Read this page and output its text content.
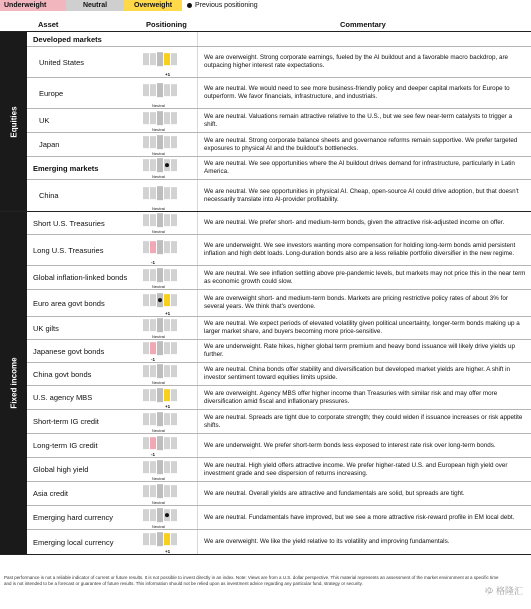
Underweight	Neutral	Overweight	Previous positioning
Asset	Positioning	Commentary
Equities
Developed markets
United States
+1
We are overweight. Strong corporate earnings, fueled by the AI buildout and a favorable macro backdrop, are outpacing higher interest rate expectations.
Europe
Neutral
We are neutral. We would need to see more business-friendly policy and deeper capital markets for Europe to outperform. We favor financials, infrastructure, and industrials.
UK
Neutral
We are neutral. Valuations remain attractive relative to the U.S., but we see few near-term catalysts to trigger a shift.
Japan
Neutral
We are neutral. Strong corporate balance sheets and governance reforms remain supportive. We prefer targeted exposures to physical AI and the buildout's bottlenecks.
Emerging markets
Neutral
We are neutral. We see opportunities where the AI buildout drives demand for infrastructure, particularly in Latin America.
China
Neutral
We are neutral. We see opportunities in physical AI. Cheap, open-source AI could drive adoption, but that doesn't necessarily translate into AI-provider profitability.
Fixed income
Short U.S. Treasuries
Neutral
We are neutral. We prefer short- and medium-term bonds, given the attractive risk-adjusted income on offer.
Long U.S. Treasuries
-1
We are underweight. We see investors wanting more compensation for holding long-term bonds amid persistent inflation and high debt loads. Long-duration bonds also are a less reliable portfolio diversifier in the new regime.
Global inflation-linked bonds
Neutral
We are neutral. We see inflation settling above pre-pandemic levels, but markets may not price this in the near term as economic growth could slow.
Euro area govt bonds
+1
We are overweight short- and medium-term bonds. Markets are pricing restrictive policy rates of about 3% for several years. We think that's overdone.
UK gilts
Neutral
We are neutral. We expect periods of elevated volatility given political uncertainty, longer-term bonds making up a larger market share, and buyers becoming more price-sensitive.
Japanese govt bonds
-1
We are underweight. Rate hikes, higher global term premium and heavy bond issuance will likely drive yields up further.
China govt bonds
Neutral
We are neutral. China bonds offer stability and diversification but developed market yields are higher. A shift in investor sentiment toward equities limits upside.
U.S. agency MBS
+1
We are overweight. Agency MBS offer higher income than Treasuries with similar risk and may offer more diversification amid fiscal and inflationary pressures.
Short-term IG credit
Neutral
We are neutral. Spreads are tight due to corporate strength; they could widen if issuance increases or risk appetite shifts.
Long-term IG credit
-1
We are underweight. We prefer short-term bonds less exposed to interest rate risk over long-term bonds.
Global high yield
Neutral
We are neutral. High yield offers attractive income. We prefer higher-rated U.S. and European high yield over investment grade and see dispersion of returns increasing.
Asia credit
Neutral
We are neutral. Overall yields are attractive and fundamentals are solid, but spreads are tight.
Emerging hard currency
Neutral
We are neutral. Fundamentals have improved, but we see a more attractive risk-reward profile in EM local debt.
Emerging local currency
+1
We are overweight. We like the yield relative to its volatility and improving fundamentals.
Past performance is not a reliable indicator of current or future results. It is not possible to invest directly in an index. Note: Views are from a U.S. dollar perspective. This material represents an assessment of the market environment at a specific time and is not intended to be a forecast or guarantee of future results. This information should not be relied upon as investment advice regarding any particular fund, strategy or security.
ゆ 格隆汇
